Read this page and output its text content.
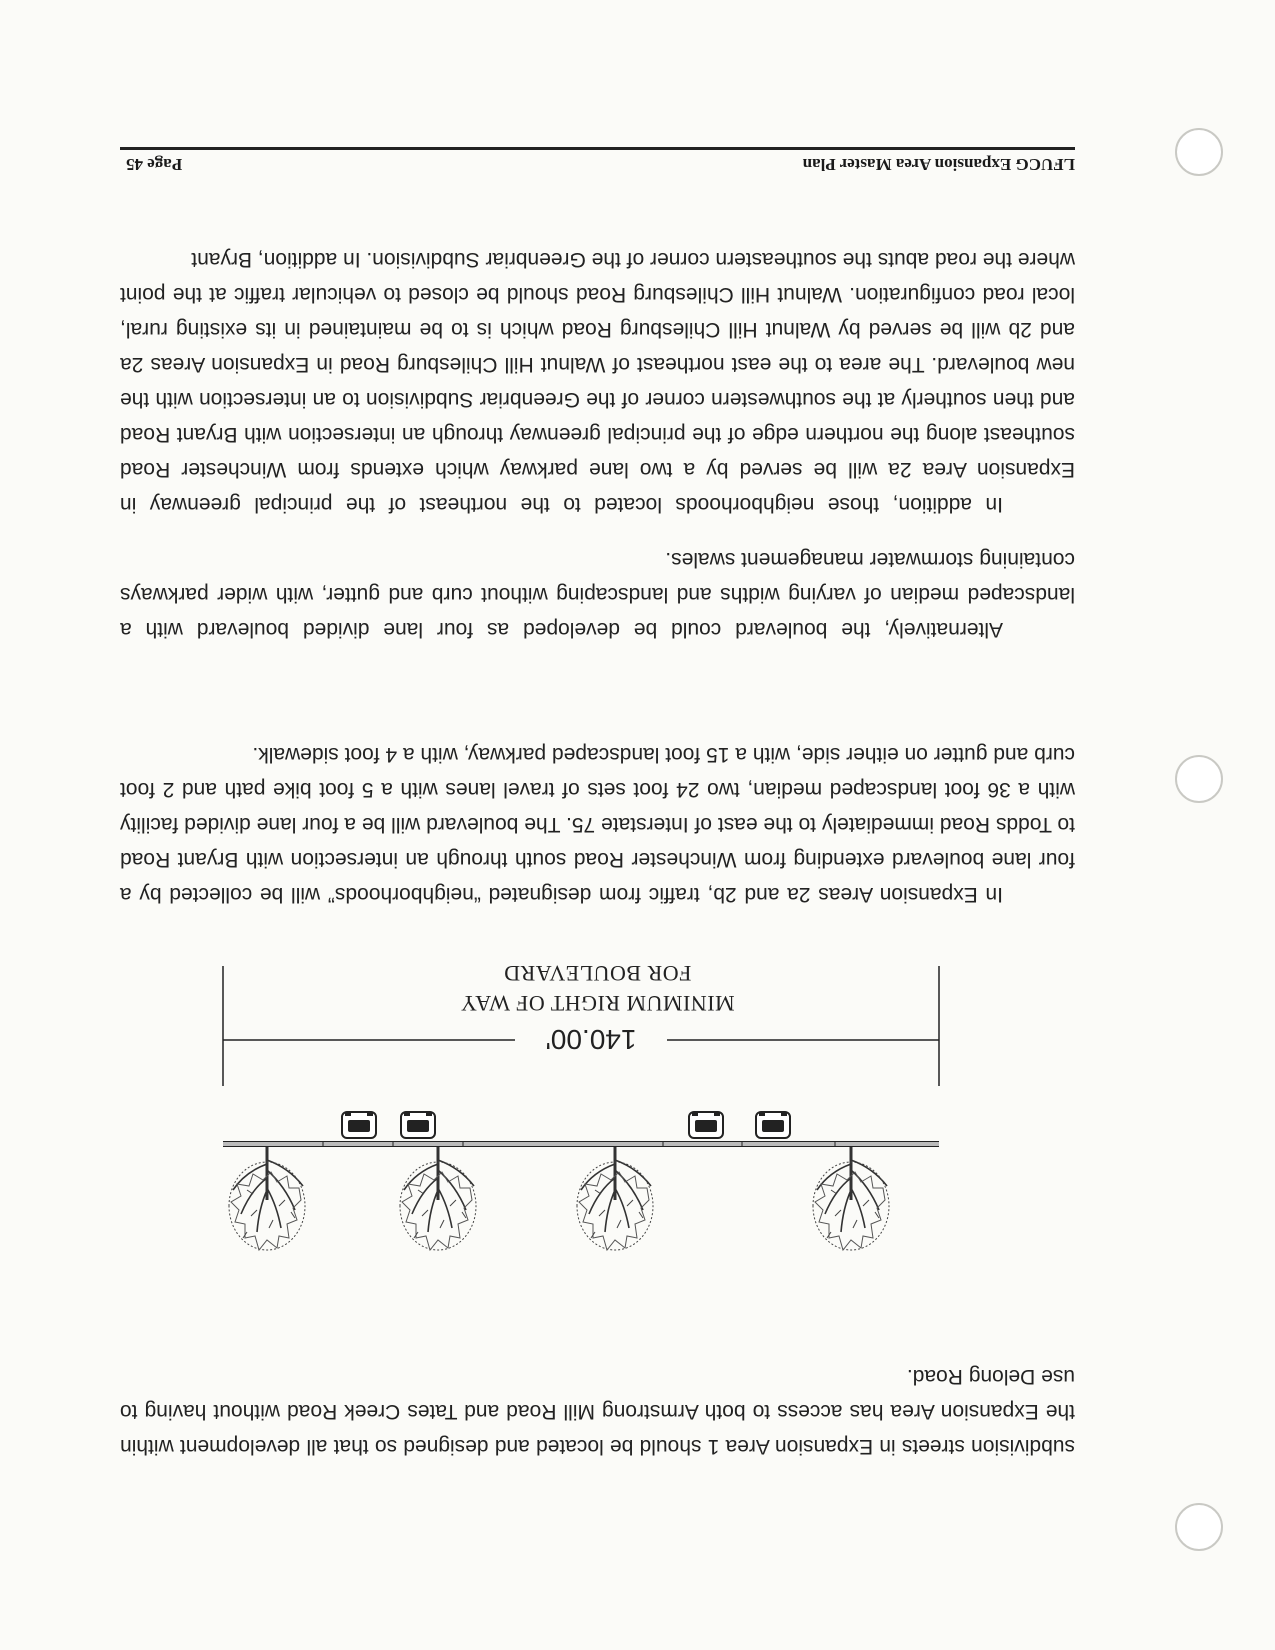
LFUCG Expansion Area Master Plan
Page 45

subdivision streets in Expansion Area 1 should be located and designed so that all development within the Expansion Area has access to both Armstrong Mill Road and Tates Creek Road without having to use Delong Road.

140.00'
MINIMUM RIGHT OF WAY
FOR BOULEVARD

In Expansion Areas 2a and 2b, traffic from designated “neighborhoods” will be collected by a four lane boulevard extending from Winchester Road south through an intersection with Bryant Road to Todds Road immediately to the east of Interstate 75. The boulevard will be a four lane divided facility with a 36 foot landscaped median, two 24 foot sets of travel lanes with a 5 foot bike path and 2 foot curb and gutter on either side, with a 15 foot landscaped parkway, with a 4 foot sidewalk.

Alternatively, the boulevard could be developed as four lane divided boulevard with a landscaped median of varying widths and landscaping without curb and gutter, with wider parkways containing stormwater management swales.

In addition, those neighborhoods located to the northeast of the principal greenway in Expansion Area 2a will be served by a two lane parkway which extends from Winchester Road southeast along the northern edge of the principal greenway through an intersection with Bryant Road and then southerly at the southwestern corner of the Greenbriar Subdivision to an intersection with the new boulevard. The area to the east northeast of Walnut Hill Chilesburg Road in Expansion Areas 2a and 2b will be served by Walnut Hill Chilesburg Road which is to be maintained in its existing rural, local road configuration. Walnut Hill Chilesburg Road should be closed to vehicular traffic at the point where the road abuts the southeastern corner of the Greenbriar Subdivision. In addition, Bryant
